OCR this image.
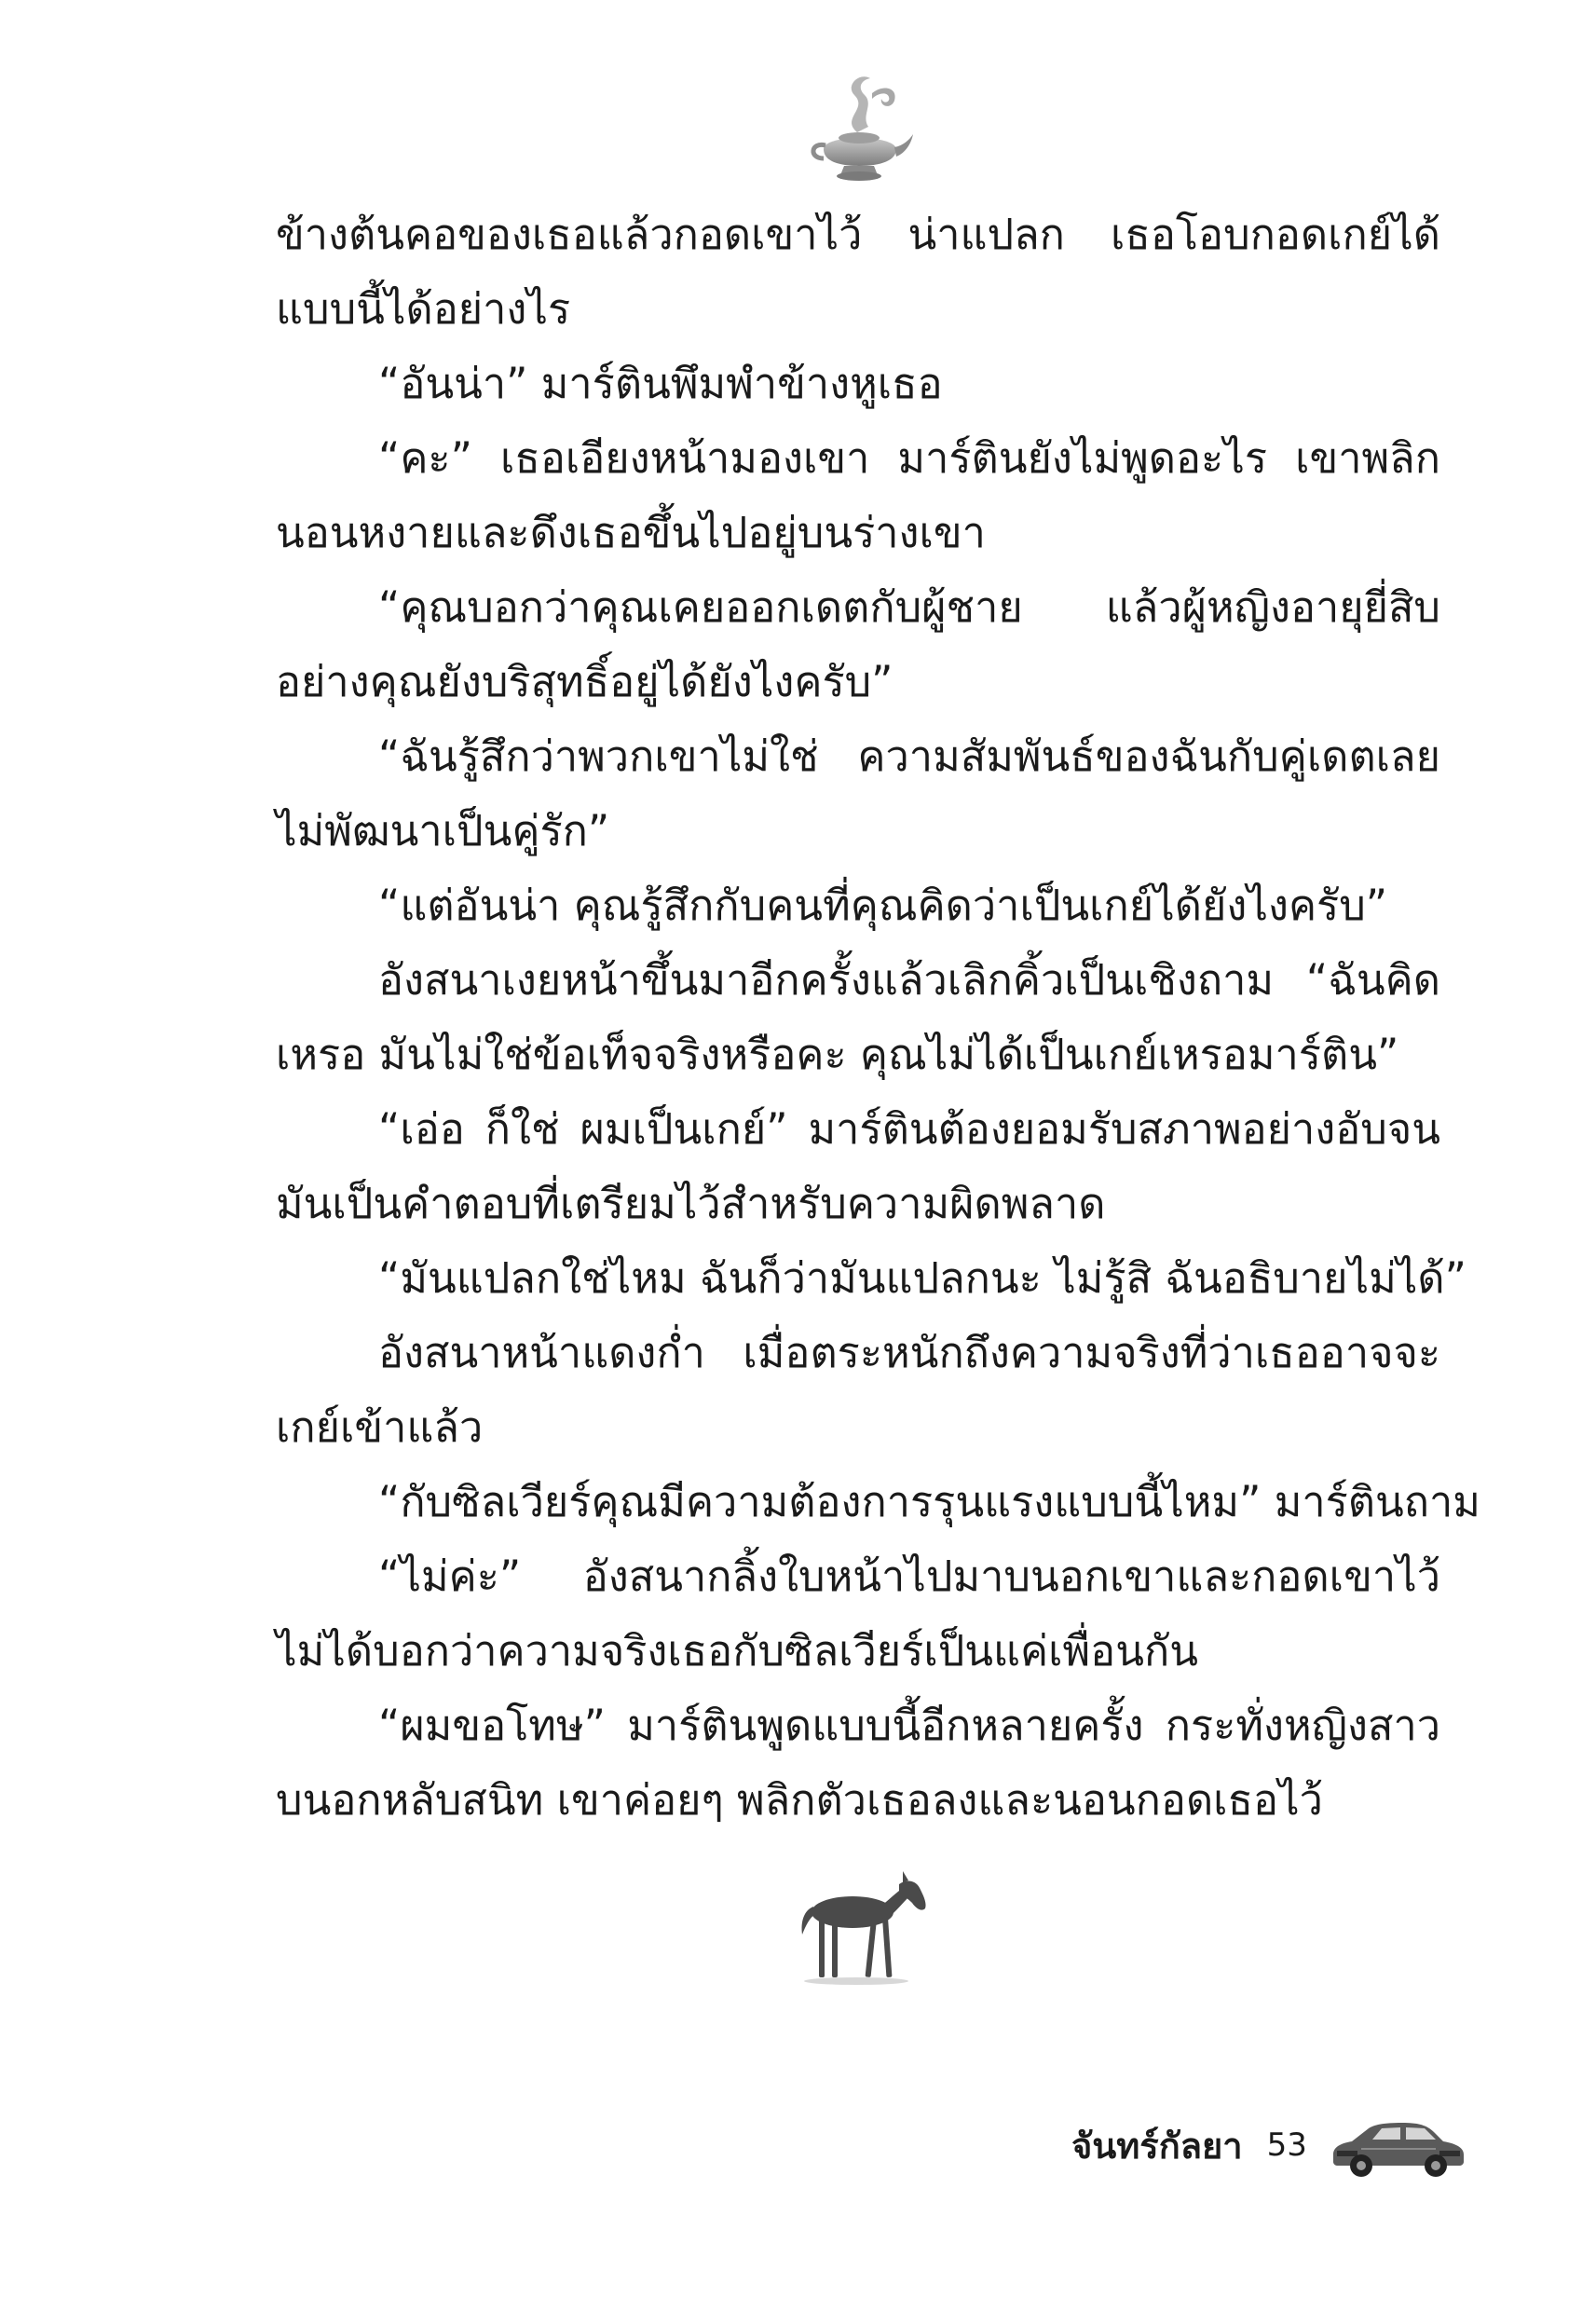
ข้างต้นคอของเธอแล้วกอดเขาไว้ น่าแปลก เธอโอบกอดเกย์ได้
แบบนี้ได้อย่างไร
“อันน่า” มาร์ตินพึมพำข้างหูเธอ
“คะ” เธอเอียงหน้ามองเขา มาร์ตินยังไม่พูดอะไร เขาพลิก
นอนหงายและดึงเธอขึ้นไปอยู่บนร่างเขา
“คุณบอกว่าคุณเคยออกเดตกับผู้ชาย แล้วผู้หญิงอายุยี่สิบ
อย่างคุณยังบริสุทธิ์อยู่ได้ยังไงครับ”
“ฉันรู้สึกว่าพวกเขาไม่ใช่ ความสัมพันธ์ของฉันกับคู่เดตเลย
ไม่พัฒนาเป็นคู่รัก”
“แต่อันน่า คุณรู้สึกกับคนที่คุณคิดว่าเป็นเกย์ได้ยังไงครับ”
อังสนาเงยหน้าขึ้นมาอีกครั้งแล้วเลิกคิ้วเป็นเชิงถาม “ฉันคิด
เหรอ มันไม่ใช่ข้อเท็จจริงหรือคะ คุณไม่ได้เป็นเกย์เหรอมาร์ติน”
“เอ่อ ก็ใช่ ผมเป็นเกย์” มาร์ตินต้องยอมรับสภาพอย่างอับจน
มันเป็นคำตอบที่เตรียมไว้สำหรับความผิดพลาด
“มันแปลกใช่ไหม ฉันก็ว่ามันแปลกนะ ไม่รู้สิ ฉันอธิบายไม่ได้”
อังสนาหน้าแดงก่ำ เมื่อตระหนักถึงความจริงที่ว่าเธออาจจะ
เกย์เข้าแล้ว
“กับซิลเวียร์คุณมีความต้องการรุนแรงแบบนี้ไหม” มาร์ตินถาม
“ไม่ค่ะ” อังสนากลิ้งใบหน้าไปมาบนอกเขาและกอดเขาไว้
ไม่ได้บอกว่าความจริงเธอกับซิลเวียร์เป็นแค่เพื่อนกัน
“ผมขอโทษ” มาร์ตินพูดแบบนี้อีกหลายครั้ง กระทั่งหญิงสาว
บนอกหลับสนิท เขาค่อยๆ พลิกตัวเธอลงและนอนกอดเธอไว้
จันทร์กัลยา 53
